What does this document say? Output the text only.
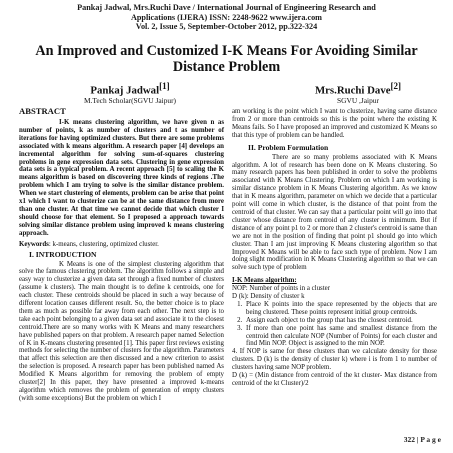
Pankaj Jadwal, Mrs.Ruchi Dave / International Journal of Engineering Research and
Applications (IJERA) ISSN: 2248-9622 www.ijera.com
Vol. 2, Issue 5, September-October 2012, pp.322-324
An Improved and Customized I-K Means For Avoiding Similar Distance Problem
Pankaj Jadwal[1]
M.Tech Scholar(SGVU Jaipur)
Mrs.Ruchi Dave[2]
SGVU ,Jaipur
ABSTRACT

I-K means clustering algorithm, we have given n as number of points, k as number of clusters and t as number of iterations for having optimized clusters. But there are some problems associated with k means algorithm. A research paper [4] develops an incremental algorithm for solving sum-of-squares clustering problems in gene expression data sets. Clustering in gene expression data sets is a typical problem. A recent approach [5] to scaling the K means algorithm is based on discovering three kinds of regions .The problem which I am trying to solve is the similar distance problem. When we start clustering of elements, problem can be arise that point x1 which I want to clusterize can be at the same distance from more than one cluster. At that time we cannot decide that which cluster I should choose for that element. So I proposed a approach towards solving similar distance problem using improved k means clustering approach.

Keywords: k-means, clustering, optimized cluster.

I. INTRODUCTION

K Means is one of the simplest clustering algorithm that solve the famous clustering problem. The algorithm follows a simple and easy way to clusterize a given data set through a fixed number of clusters (assume k clusters). The main thought is to define k centroids, one for each cluster. These centroids should be placed in such a way because of different location causes different result. So, the better choice is to place them as much as possible far away from each other. The next step is to take each point belonging to a given data set and associate it to the closest centroid.There are so many works with K Means and many researchers have published papers on that problem. A research paper named Selection of K in K-means clustering presented [1]. This paper first reviews existing methods for selecting the number of clusters for the algorithm. Parameters that affect this selection are then discussed and a new criterion to assist the selection is proposed. A research paper has been published named As Modified K Means algorithm for removing the problem of empty cluster[2] In this paper, they have presented a improved k-means algorithm which removes the problem of generation of empty clusters (with some exceptions) But the problem on which I

am working is the point which I want to clusterize, having same distance from 2 or more than centroids so this is the point where the existing K Means fails. So I have proposed an improved and customized K Means so that this type of problem can be handled.

II. Problem Formulation

There are so many problems associated with K Means algorithm. A lot of research has been done on K Means clustering. So many research papers has been published in order to solve the problems associated with K Means Clustering. Problem on which I am working is similar distance problem in K Means Clustering algorithm. As we know that in K means algorithm, parameter on which we decide that a particular point will come in which cluster, is the distance of that point from the centroid of that cluster. We can say that a particular point will go into that cluster whose distance from centroid of any cluster is minimum. But if distance of any point p1 to 2 or more than 2 cluster's centroid is same than we are not in the position of finding that point p1 should go into which cluster. Than I am just improving K Means clustering algorithm so that Improved K Means will be able to face such type of problem. Now I am doing slight modification in K Means Clustering algorithm so that we can solve such type of problem

I-K Means algorithm:

NOP: Number of points in a cluster

D (k): Density of cluster k

1. Place K points into the space represented by the objects that are being clustered. These points represent initial group centroids.
2. Assign each object to the group that has the closest centroid.
3. If more than one point has same and smallest distance from the centroid then calculate NOP (Number of Points) for each cluster and find Min NOP. Object is assigned to the min NOP.

4. If NOP is same for these clusters than we calculate density for those clusters. D (k) is the density of cluster k) where i is from 1 to number of clusters having same NOP problem.

D (k) = (Min distance from centroid of the kt cluster- Max distance from centroid of the kt Cluster)/2

322 | P a g e
